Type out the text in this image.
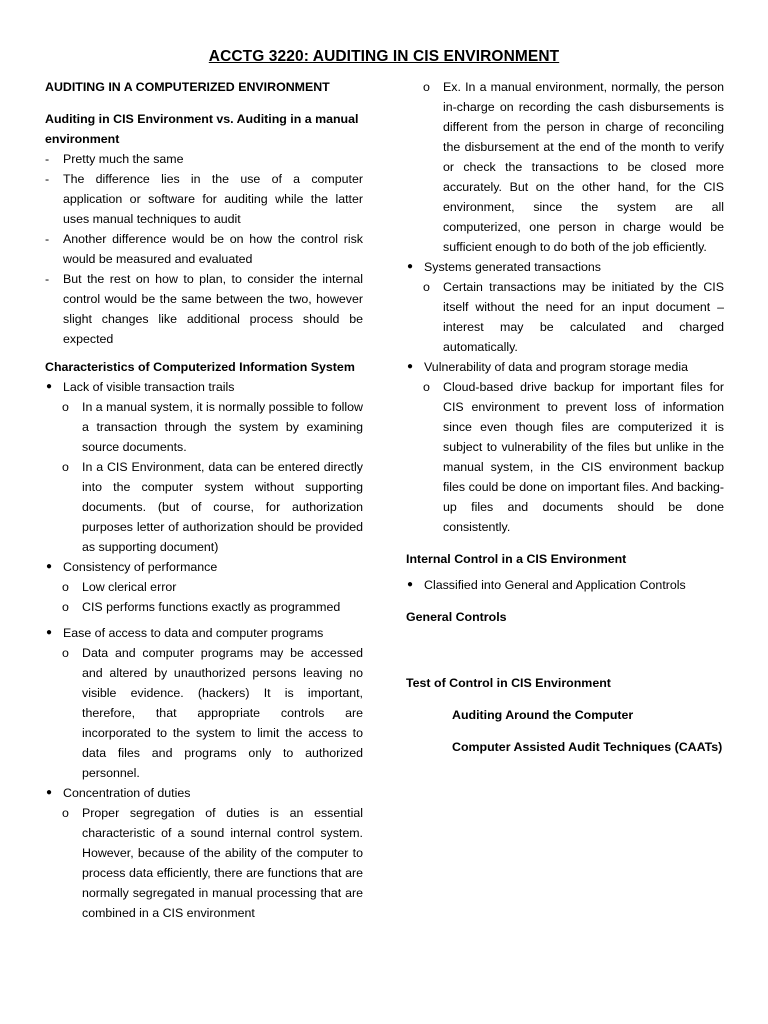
ACCTG 3220: AUDITING IN CIS ENVIRONMENT

AUDITING IN A COMPUTERIZED ENVIRONMENT

Auditing in CIS Environment vs. Auditing in a manual environment

- Pretty much the same
- The difference lies in the use of a computer application or software for auditing while the latter uses manual techniques to audit
- Another difference would be on how the control risk would be measured and evaluated
- But the rest on how to plan, to consider the internal control would be the same between the two, however slight changes like additional process should be expected

Characteristics of Computerized Information System

● Lack of visible transaction trails
o In a manual system, it is normally possible to follow a transaction through the system by examining source documents.
o In a CIS Environment, data can be entered directly into the computer system without supporting documents. (but of course, for authorization purposes letter of authorization should be provided as supporting document)
● Consistency of performance
o Low clerical error
o CIS performs functions exactly as programmed
● Ease of access to data and computer programs
o Data and computer programs may be accessed and altered by unauthorized persons leaving no visible evidence. (hackers) It is important, therefore, that appropriate controls are incorporated to the system to limit the access to data files and programs only to authorized personnel.
● Concentration of duties
o Proper segregation of duties is an essential characteristic of a sound internal control system. However, because of the ability of the computer to process data efficiently, there are functions that are normally segregated in manual processing that are combined in a CIS environment
o Ex. In a manual environment, normally, the person in-charge on recording the cash disbursements is different from the person in charge of reconciling the disbursement at the end of the month to verify or check the transactions to be closed more accurately. But on the other hand, for the CIS environment, since the system are all computerized, one person in charge would be sufficient enough to do both of the job efficiently.
● Systems generated transactions
o Certain transactions may be initiated by the CIS itself without the need for an input document – interest may be calculated and charged automatically.
● Vulnerability of data and program storage media
o Cloud-based drive backup for important files for CIS environment to prevent loss of information since even though files are computerized it is subject to vulnerability of the files but unlike in the manual system, in the CIS environment backup files could be done on important files. And backing-up files and documents should be done consistently.

Internal Control in a CIS Environment

● Classified into General and Application Controls

General Controls

Test of Control in CIS Environment

Auditing Around the Computer

Computer Assisted Audit Techniques (CAATs)
